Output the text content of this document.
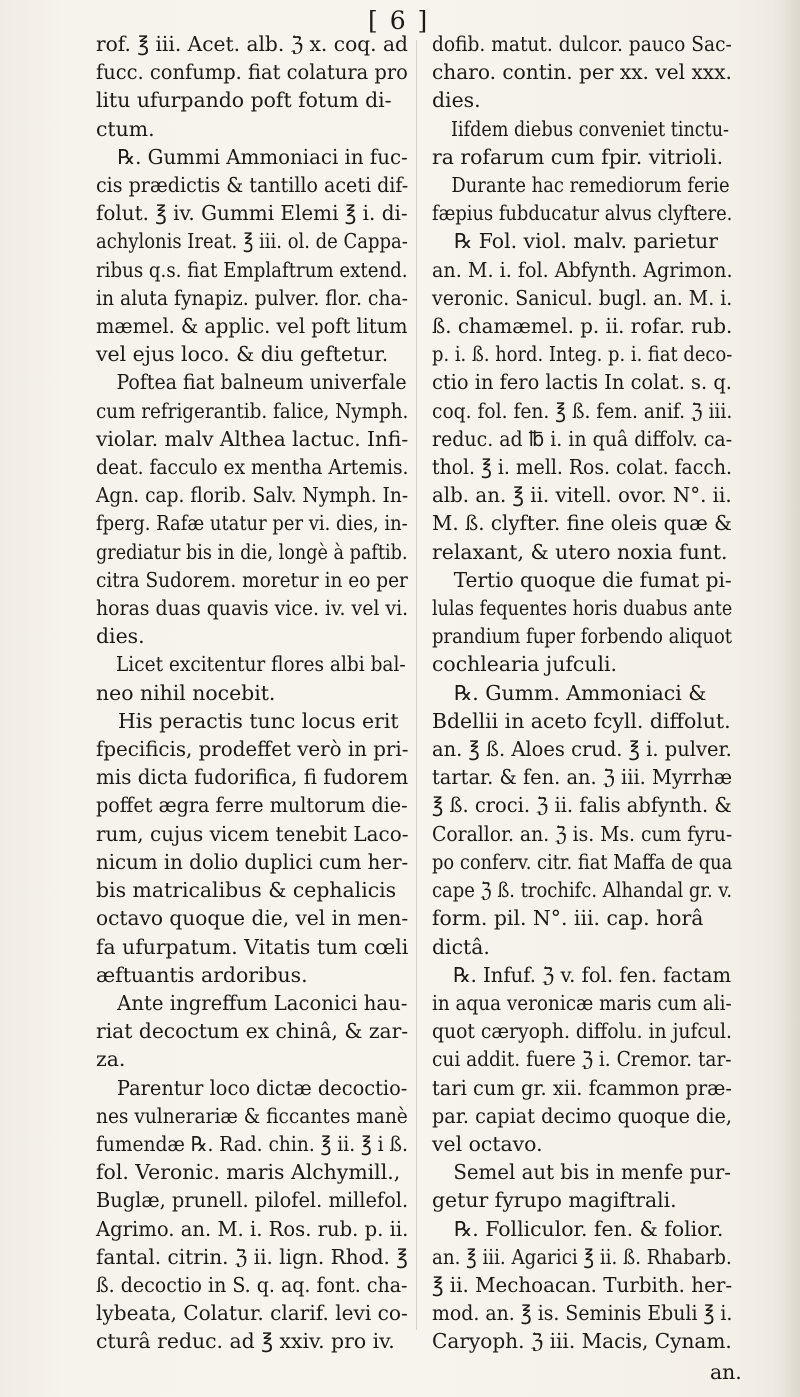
[ 6 ]
rof. ℥ iii. Acet. alb. ℨ x. coq. ad
fucc. confump. fiat colatura pro
litu ufurpando poft fotum di-
ctum.
℞. Gummi Ammoniaci in fuc-
cis prædictis & tantillo aceti dif-
folut. ℥ iv. Gummi Elemi ℥ i. di-
achylonis Ireat. ℥ iii. ol. de Cappa-
ribus q.s. fiat Emplaftrum extend.
in aluta fynapiz. pulver. flor. cha-
mæmel. & applic. vel poft litum
vel ejus loco. & diu geftetur.
Poftea fiat balneum univerfale
cum refrigerantib. falice, Nymph.
violar. malv Althea lactuc. Infi-
deat. facculo ex mentha Artemis.
Agn. cap. florib. Salv. Nymph. In-
fperg. Rafæ utatur per vi. dies, in-
grediatur bis in die, longè à paftib.
citra Sudorem. moretur in eo per
horas duas quavis vice. iv. vel vi.
dies.
Licet excitentur flores albi bal-
neo nihil nocebit.
His peractis tunc locus erit
fpecificis, prodeffet verò in pri-
mis dicta fudorifica, fi fudorem
poffet ægra ferre multorum die-
rum, cujus vicem tenebit Laco-
nicum in dolio duplici cum her-
bis matricalibus & cephalicis
octavo quoque die, vel in men-
fa ufurpatum. Vitatis tum cœli
æftuantis ardoribus.
Ante ingreffum Laconici hau-
riat decoctum ex chinâ, & zar-
za.
Parentur loco dictæ decoctio-
nes vulnerariæ & ficcantes manè
fumendæ ℞. Rad. chin. ℥ ii. ℥ i ß.
fol. Veronic. maris Alchymill.,
Buglæ, prunell. pilofel. millefol.
Agrimo. an. M. i. Ros. rub. p. ii.
fantal. citrin. ℨ ii. lign. Rhod. ℥
ß. decoctio in S. q. aq. font. cha-
lybeata, Colatur. clarif. levi co-
cturâ reduc. ad ℥ xxiv. pro iv.
dofib. matut. dulcor. pauco Sac-
charo. contin. per xx. vel xxx.
dies.
Iifdem diebus conveniet tinctu-
ra rofarum cum fpir. vitrioli.
Durante hac remediorum ferie
fæpius fubducatur alvus clyftere.
℞ Fol. viol. malv. parietur
an. M. i. fol. Abfynth. Agrimon.
veronic. Sanicul. bugl. an. M. i.
ß. chamæmel. p. ii. rofar. rub.
p. i. ß. hord. Integ. p. i. fiat deco-
ctio in fero lactis In colat. s. q.
coq. fol. fen. ℥ ß. fem. anif. ℨ iii.
reduc. ad ℔ i. in quâ diffolv. ca-
thol. ℥ i. mell. Ros. colat. facch.
alb. an. ℥ ii. vitell. ovor. N°. ii.
M. ß. clyfter. fine oleis quæ &
relaxant, & utero noxia funt.
Tertio quoque die fumat pi-
lulas fequentes horis duabus ante
prandium fuper forbendo aliquot
cochlearia jufculi.
℞. Gumm. Ammoniaci &
Bdellii in aceto fcyll. diffolut.
an. ℥ ß. Aloes crud. ℥ i. pulver.
tartar. & fen. an. ℨ iii. Myrrhæ
℥ ß. croci. ℨ ii. falis abfynth. &
Corallor. an. ℨ is. Ms. cum fyru-
po conferv. citr. fiat Maffa de qua
cape ℨ ß. trochifc. Alhandal gr. v.
form. pil. N°. iii. cap. horâ
dictâ.
℞. Infuf. ℨ v. fol. fen. factam
in aqua veronicæ maris cum ali-
quot cæryoph. diffolu. in jufcul.
cui addit. fuere ℨ i. Cremor. tar-
tari cum gr. xii. fcammon præ-
par. capiat decimo quoque die,
vel octavo.
Semel aut bis in menfe pur-
getur fyrupo magiftrali.
℞. Folliculor. fen. & folior.
an. ℥ iii. Agarici ℥ ii. ß. Rhabarb.
℥ ii. Mechoacan. Turbith. her-
mod. an. ℥ is. Seminis Ebuli ℥ i.
Caryoph. ℨ iii. Macis, Cynam.
an.
